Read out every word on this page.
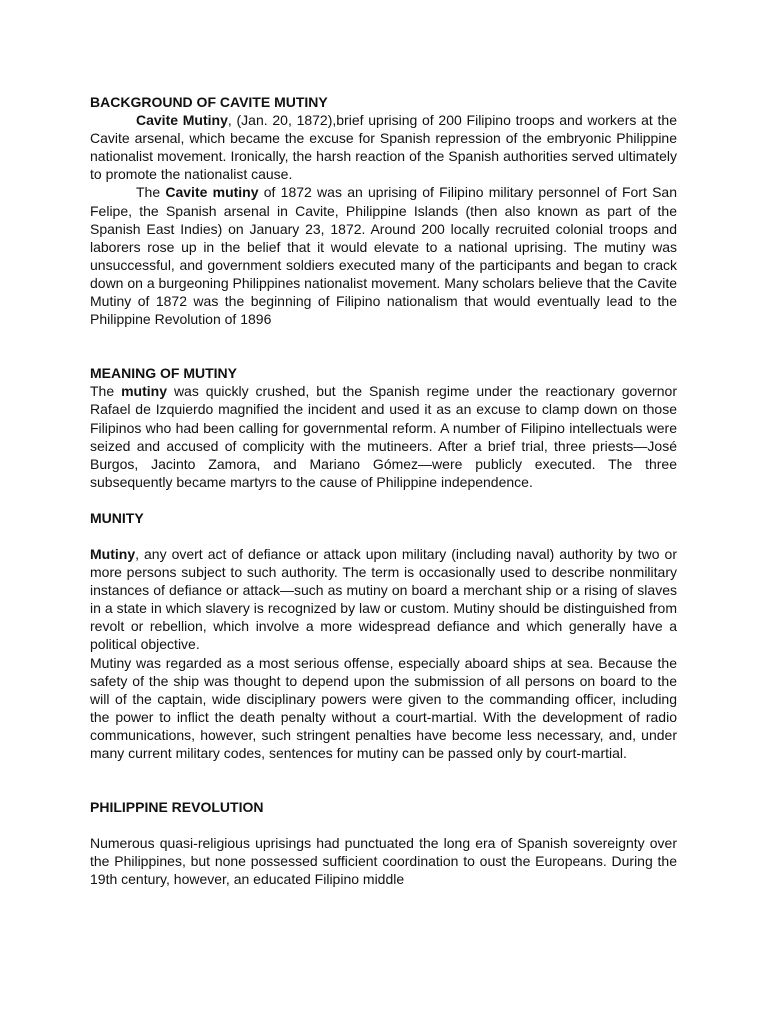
BACKGROUND OF CAVITE MUTINY

Cavite Mutiny, (Jan. 20, 1872),brief uprising of 200 Filipino troops and workers at the Cavite arsenal, which became the excuse for Spanish repression of the embryonic Philippine nationalist movement. Ironically, the harsh reaction of the Spanish authorities served ultimately to promote the nationalist cause.

The Cavite mutiny of 1872 was an uprising of Filipino military personnel of Fort San Felipe, the Spanish arsenal in Cavite, Philippine Islands (then also known as part of the Spanish East Indies) on January 23, 1872. Around 200 locally recruited colonial troops and laborers rose up in the belief that it would elevate to a national uprising. The mutiny was unsuccessful, and government soldiers executed many of the participants and began to crack down on a burgeoning Philippines nationalist movement. Many scholars believe that the Cavite Mutiny of 1872 was the beginning of Filipino nationalism that would eventually lead to the Philippine Revolution of 1896

MEANING OF MUTINY

The mutiny was quickly crushed, but the Spanish regime under the reactionary governor Rafael de Izquierdo magnified the incident and used it as an excuse to clamp down on those Filipinos who had been calling for governmental reform. A number of Filipino intellectuals were seized and accused of complicity with the mutineers. After a brief trial, three priests—José Burgos, Jacinto Zamora, and Mariano Gómez—were publicly executed. The three subsequently became martyrs to the cause of Philippine independence.

MUNITY

Mutiny, any overt act of defiance or attack upon military (including naval) authority by two or more persons subject to such authority. The term is occasionally used to describe nonmilitary instances of defiance or attack—such as mutiny on board a merchant ship or a rising of slaves in a state in which slavery is recognized by law or custom. Mutiny should be distinguished from revolt or rebellion, which involve a more widespread defiance and which generally have a political objective.

Mutiny was regarded as a most serious offense, especially aboard ships at sea. Because the safety of the ship was thought to depend upon the submission of all persons on board to the will of the captain, wide disciplinary powers were given to the commanding officer, including the power to inflict the death penalty without a court-martial. With the development of radio communications, however, such stringent penalties have become less necessary, and, under many current military codes, sentences for mutiny can be passed only by court-martial.

PHILIPPINE REVOLUTION

Numerous quasi-religious uprisings had punctuated the long era of Spanish sovereignty over the Philippines, but none possessed sufficient coordination to oust the Europeans. During the 19th century, however, an educated Filipino middle
